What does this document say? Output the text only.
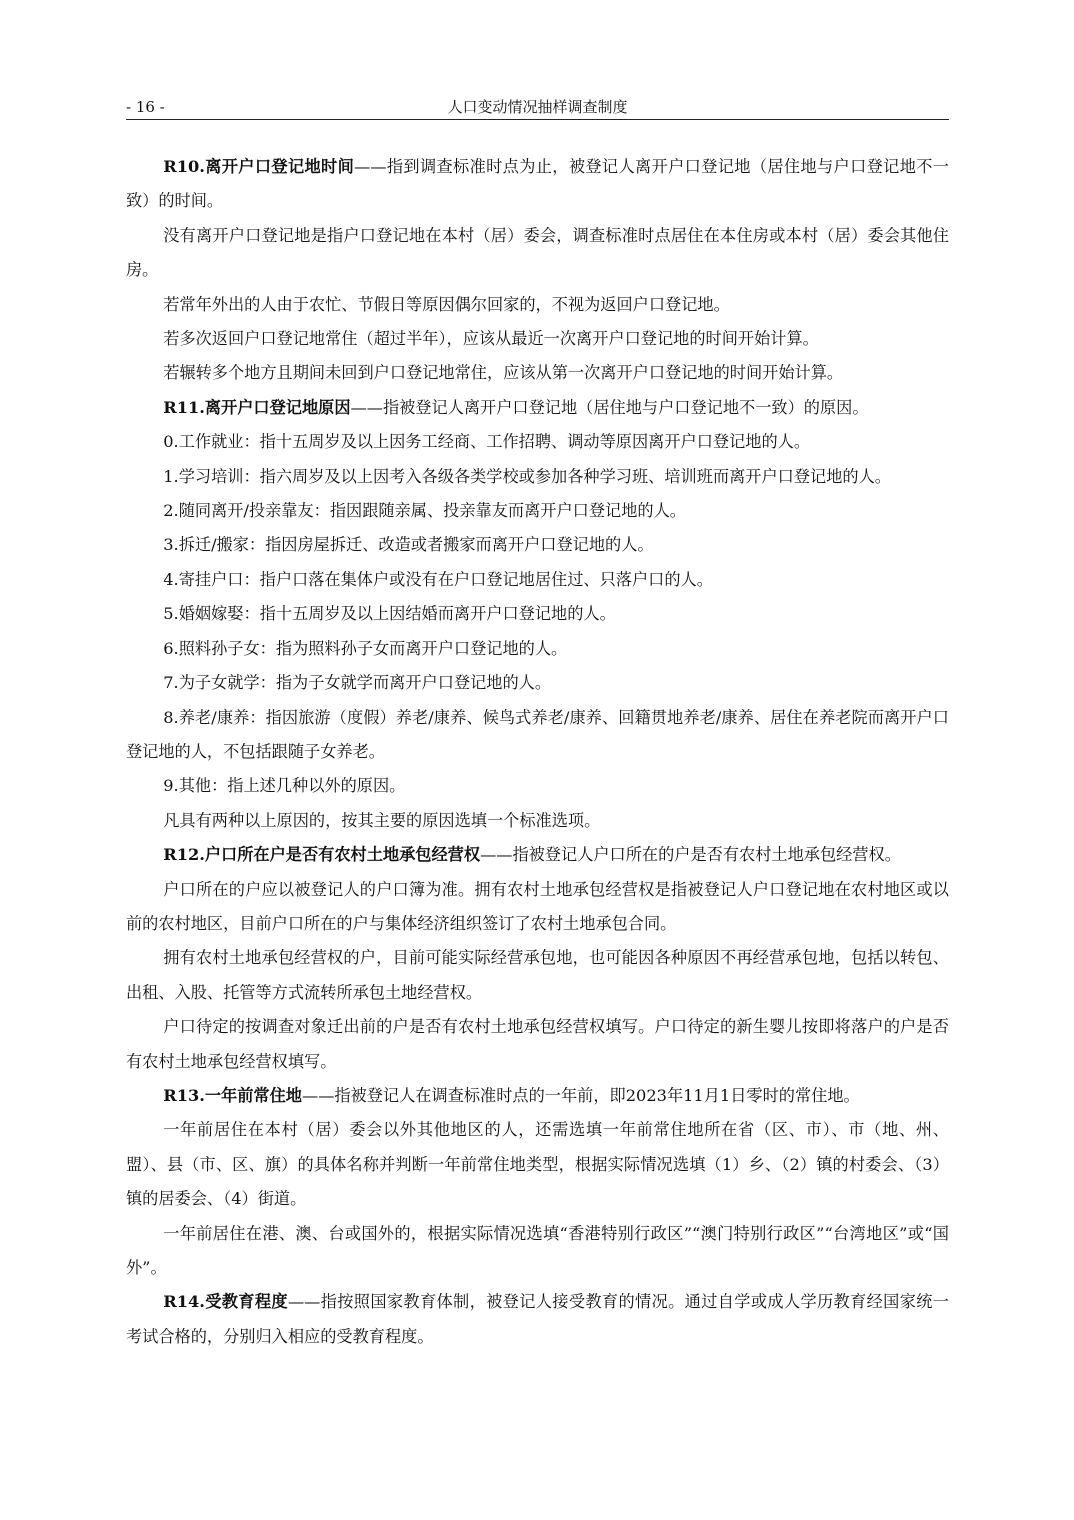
- 16 -	人口变动情况抽样调查制度

R10.离开户口登记地时间——指到调查标准时点为止，被登记人离开户口登记地（居住地与户口登记地不一致）的时间。

没有离开户口登记地是指户口登记地在本村（居）委会，调查标准时点居住在本住房或本村（居）委会其他住房。

若常年外出的人由于农忙、节假日等原因偶尔回家的，不视为返回户口登记地。

若多次返回户口登记地常住（超过半年），应该从最近一次离开户口登记地的时间开始计算。

若辗转多个地方且期间未回到户口登记地常住，应该从第一次离开户口登记地的时间开始计算。

R11.离开户口登记地原因——指被登记人离开户口登记地（居住地与户口登记地不一致）的原因。

0.工作就业：指十五周岁及以上因务工经商、工作招聘、调动等原因离开户口登记地的人。

1.学习培训：指六周岁及以上因考入各级各类学校或参加各种学习班、培训班而离开户口登记地的人。

2.随同离开/投亲靠友：指因跟随亲属、投亲靠友而离开户口登记地的人。

3.拆迁/搬家：指因房屋拆迁、改造或者搬家而离开户口登记地的人。

4.寄挂户口：指户口落在集体户或没有在户口登记地居住过、只落户口的人。

5.婚姻嫁娶：指十五周岁及以上因结婚而离开户口登记地的人。

6.照料孙子女：指为照料孙子女而离开户口登记地的人。

7.为子女就学：指为子女就学而离开户口登记地的人。

8.养老/康养：指因旅游（度假）养老/康养、候鸟式养老/康养、回籍贯地养老/康养、居住在养老院而离开户口登记地的人，不包括跟随子女养老。

9.其他：指上述几种以外的原因。

凡具有两种以上原因的，按其主要的原因选填一个标准选项。

R12.户口所在户是否有农村土地承包经营权——指被登记人户口所在的户是否有农村土地承包经营权。

户口所在的户应以被登记人的户口簿为准。拥有农村土地承包经营权是指被登记人户口登记地在农村地区或以前的农村地区，目前户口所在的户与集体经济组织签订了农村土地承包合同。

拥有农村土地承包经营权的户，目前可能实际经营承包地，也可能因各种原因不再经营承包地，包括以转包、出租、入股、托管等方式流转所承包土地经营权。

户口待定的按调查对象迁出前的户是否有农村土地承包经营权填写。户口待定的新生婴儿按即将落户的户是否有农村土地承包经营权填写。

R13.一年前常住地——指被登记人在调查标准时点的一年前，即2023年11月1日零时的常住地。

一年前居住在本村（居）委会以外其他地区的人，还需选填一年前常住地所在省（区、市）、市（地、州、盟）、县（市、区、旗）的具体名称并判断一年前常住地类型，根据实际情况选填（1）乡、（2）镇的村委会、（3）镇的居委会、（4）街道。

一年前居住在港、澳、台或国外的，根据实际情况选填“香港特别行政区”“澳门特别行政区”“台湾地区”或“国外”。

R14.受教育程度——指按照国家教育体制，被登记人接受教育的情况。通过自学或成人学历教育经国家统一考试合格的，分别归入相应的受教育程度。
